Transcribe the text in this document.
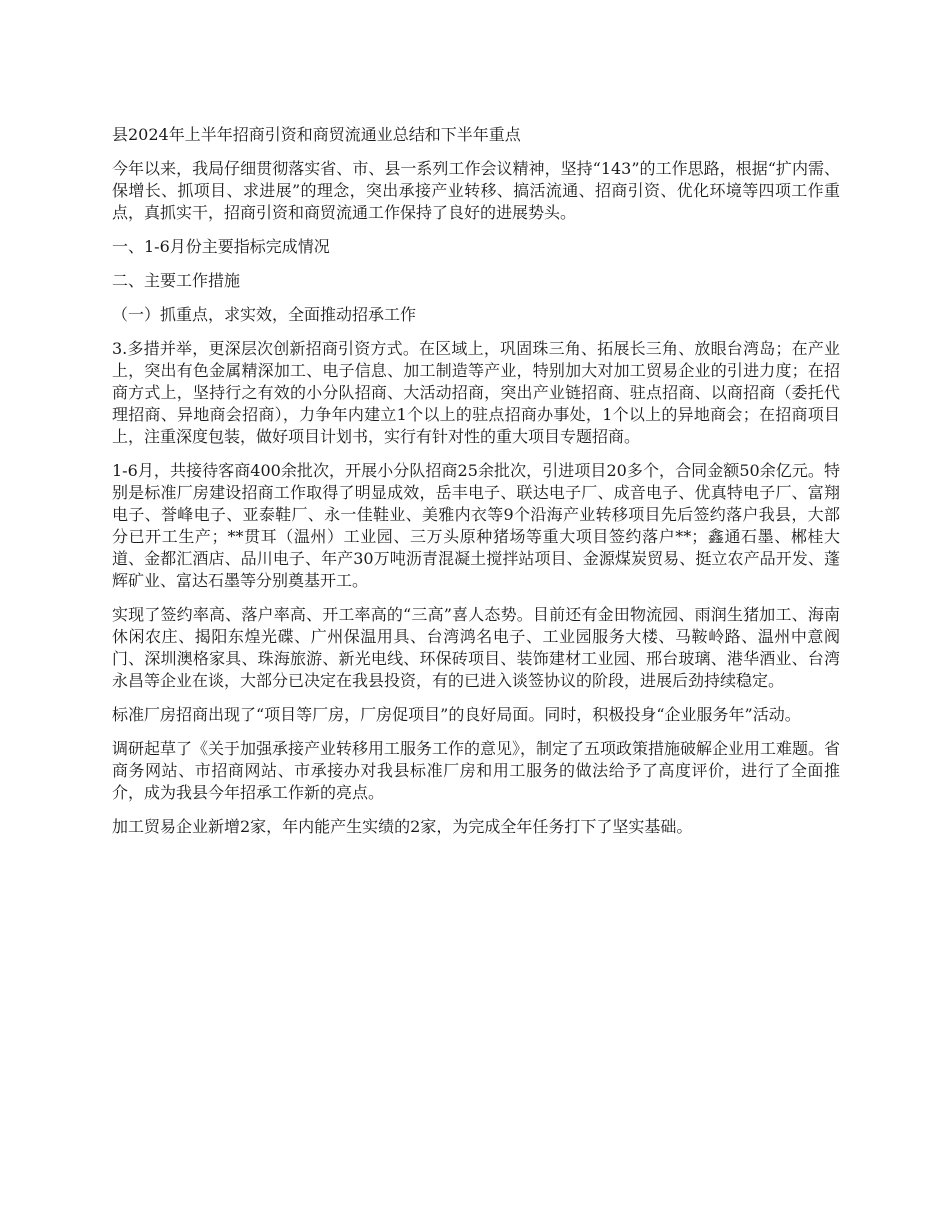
县2024年上半年招商引资和商贸流通业总结和下半年重点

今年以来，我局仔细贯彻落实省、市、县一系列工作会议精神，坚持“143”的工作思路，根据“扩内需、保增长、抓项目、求进展”的理念，突出承接产业转移、搞活流通、招商引资、优化环境等四项工作重点，真抓实干，招商引资和商贸流通工作保持了良好的进展势头。

一、1-6月份主要指标完成情况

二、主要工作措施

（一）抓重点，求实效，全面推动招承工作

3.多措并举，更深层次创新招商引资方式。在区域上，巩固珠三角、拓展长三角、放眼台湾岛；在产业上，突出有色金属精深加工、电子信息、加工制造等产业，特别加大对加工贸易企业的引进力度；在招商方式上，坚持行之有效的小分队招商、大活动招商，突出产业链招商、驻点招商、以商招商（委托代理招商、异地商会招商），力争年内建立1个以上的驻点招商办事处，1个以上的异地商会；在招商项目上，注重深度包装，做好项目计划书，实行有针对性的重大项目专题招商。

1-6月，共接待客商400余批次，开展小分队招商25余批次，引进项目20多个，合同金额50余亿元。特别是标准厂房建设招商工作取得了明显成效，岳丰电子、联达电子厂、成音电子、优真特电子厂、富翔电子、誉峰电子、亚泰鞋厂、永一佳鞋业、美雅内衣等9个沿海产业转移项目先后签约落户我县，大部分已开工生产；**贯耳（温州）工业园、三万头原种猪场等重大项目签约落户**；鑫通石墨、郴桂大道、金都汇酒店、品川电子、年产30万吨沥青混凝土搅拌站项目、金源煤炭贸易、挺立农产品开发、蓬辉矿业、富达石墨等分别奠基开工。

实现了签约率高、落户率高、开工率高的“三高”喜人态势。目前还有金田物流园、雨润生猪加工、海南休闲农庄、揭阳东煌光碟、广州保温用具、台湾鸿名电子、工业园服务大楼、马鞍岭路、温州中意阀门、深圳澳格家具、珠海旅游、新光电线、环保砖项目、装饰建材工业园、邢台玻璃、港华酒业、台湾永昌等企业在谈，大部分已决定在我县投资，有的已进入谈签协议的阶段，进展后劲持续稳定。

标准厂房招商出现了“项目等厂房，厂房促项目”的良好局面。同时，积极投身“企业服务年”活动。

调研起草了《关于加强承接产业转移用工服务工作的意见》，制定了五项政策措施破解企业用工难题。省商务网站、市招商网站、市承接办对我县标准厂房和用工服务的做法给予了高度评价，进行了全面推介，成为我县今年招承工作新的亮点。

加工贸易企业新增2家，年内能产生实绩的2家，为完成全年任务打下了坚实基础。
